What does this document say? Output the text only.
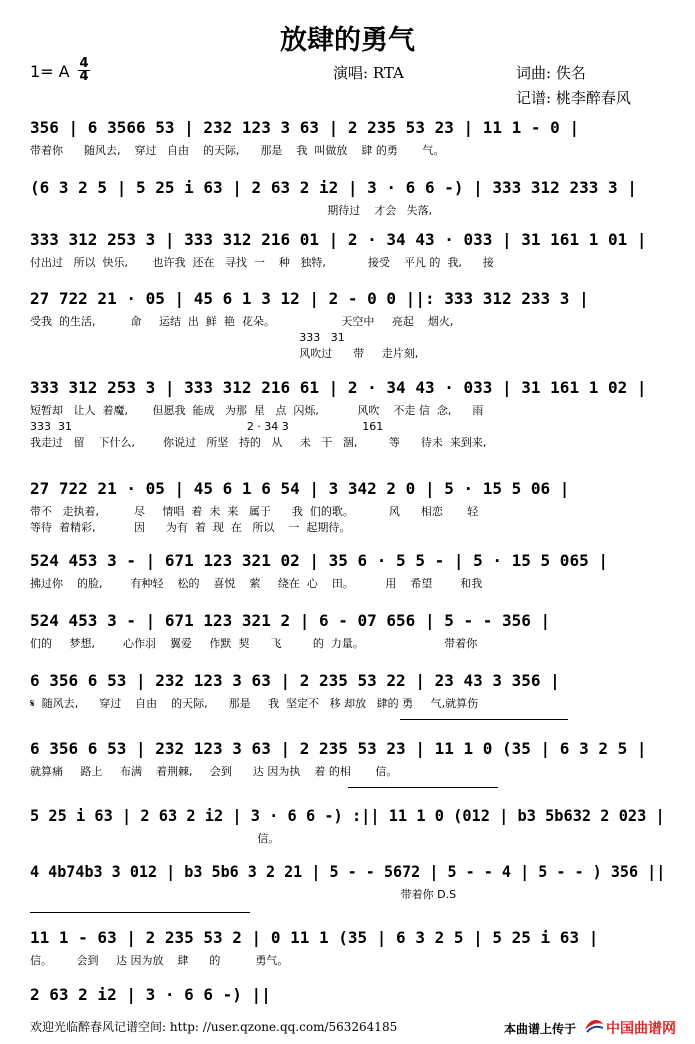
放肆的勇气
1= A 4
4	演唱: RTA	词曲: 佚名
记谱: 桃李醉春风
356 | 6 3566 53 | 232 123 3 63 | 2 235 53 23 | 11 1 - 0 |
带着你      随风去,    穿过   自由    的天际,      那是    我  叫做放    肆 的勇       气。
(6 3 2 5 | 5 25 i 63 | 2 63 2 i2 | 3 · 6 6 -) | 333 312 233 3 |
期待过    才会   失落,
333 312 253 3 | 333 312 216 01 | 2 · 34 43 · 033 | 31 161 1 01 |
付出过   所以  快乐,       也许我  还在   寻找  一    种   独特,            接受    平凡 的  我,      接
27 722 21 · 05 | 45 6 1 3 12 | 2 - 0 0 ||: 333 312 233 3 |
受我  的生活,          命     运结  出  鲜  艳  花朵。                   天空中     亮起    烟火,
333   31
风吹过      带     走片刻,
333 312 253 3 | 333 312 216 61 | 2 · 34 43 · 033 | 31 161 1 02 |
短暂却   让人  着魔,       但愿我  能成   为那  星   点  闪烁,           风吹    不走 信  念,      雨
333  31                                                  2 · 34 3                     161
我走过   留    下什么,        你说过   所坚   持的   从     未   干   涸,         等      待未  来到来,
27 722 21 · 05 | 45 6 1 6 54 | 3 342 2 0 | 5 · 15 5 06 |
带不   走执着,          尽     情唱  着  未  来   属于      我  们的歌。          风      相恋       轻
等待  着精彩,           因      为有  着  现  在   所以    一  起期待。
524 453 3 - | 671 123 321 02 | 35 6 · 5 5 - | 5 · 15 5 065 |
拂过你    的脸,        有种轻    松的    喜悦    萦     绕在  心    田。         用    希望        和我
524 453 3 - | 671 123 321 2 | 6 - 07 656 | 5 - - 356 |
们的     梦想,        心作羽    翼爱     作默  契      飞         的  力量。                       带着你
6 356 6 53 | 232 123 3 63 | 2 235 53 22 | 23 43 3 356 |
𝄋  随风去,      穿过    自由    的天际,      那是     我  坚定不   移 却放   肆的 勇     气,就算伤
6 356 6 53 | 232 123 3 63 | 2 235 53 23 | 11 1 0 (35 | 6 3 2 5 |
就算痛     路上     布满    着荆棘,     会到      达 因为执    着 的相       信。
5 25 i 63 | 2 63 2 i2 | 3 · 6 6 -) :|| 11 1 0 (012 | b3 5b632 2 023 |
信。
4 4b74b3 3 012 | b3 5b6 3 2 21 | 5 - - 5672 | 5 - - 4 | 5 - - ) 356 ||
带着你 D.S
11 1 - 63 | 2 235 53 2 | 0 11 1 (35 | 6 3 2 5 | 5 25 i 63 |
信。       会到     达 因为放    肆      的          勇气。
2 63 2 i2 | 3 · 6 6 -) ||
欢迎光临醉春风记谱空间: http: //user.qzone.qq.com/563264185	本曲谱上传于 中国曲谱网
